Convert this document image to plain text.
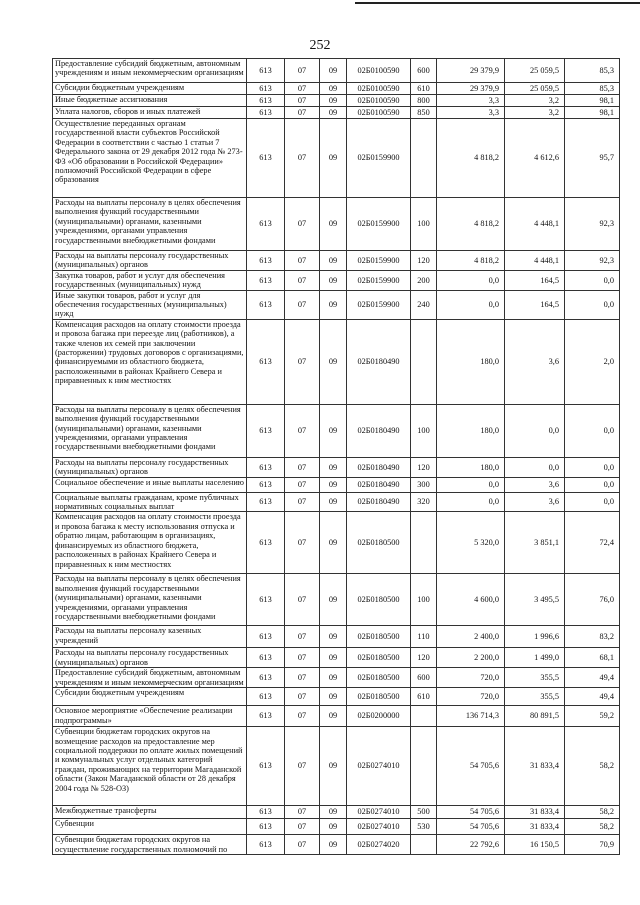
252
Предоставление субсидий бюджетным, автономным учреждениям и иным некоммерческим организациям	613	07	09	02Б0100590	600	29 379,9	25 059,5	85,3
Субсидии бюджетным учреждениям	613	07	09	02Б0100590	610	29 379,9	25 059,5	85,3
Иные бюджетные ассигнования	613	07	09	02Б0100590	800	3,3	3,2	98,1
Уплата налогов, сборов и иных платежей	613	07	09	02Б0100590	850	3,3	3,2	98,1
Осуществление переданных органам государственной власти субъектов Российской Федерации в соответствии с частью 1 статьи 7 Федерального закона от 29 декабря 2012 года № 273-ФЗ «Об образовании в Российской Федерации» полномочий Российской Федерации в сфере образования	613	07	09	02Б0159900		4 818,2	4 612,6	95,7
Расходы на выплаты персоналу в целях обеспечения выполнения функций государственными (муниципальными) органами, казенными учреждениями, органами управления государственными внебюджетными фондами	613	07	09	02Б0159900	100	4 818,2	4 448,1	92,3
Расходы на выплаты персоналу государственных (муниципальных) органов	613	07	09	02Б0159900	120	4 818,2	4 448,1	92,3
Закупка товаров, работ и услуг для обеспечения государственных (муниципальных) нужд	613	07	09	02Б0159900	200	0,0	164,5	0,0
Иные закупки товаров, работ и услуг для обеспечения государственных (муниципальных) нужд	613	07	09	02Б0159900	240	0,0	164,5	0,0
Компенсация расходов на оплату стоимости проезда и провоза багажа при переезде лиц (работников), а также членов их семей при заключении (расторжении) трудовых договоров с организациями, финансируемыми из областного бюджета, расположенными в районах Крайнего Севера и приравненных к ним местностях	613	07	09	02Б0180490		180,0	3,6	2,0
Расходы на выплаты персоналу в целях обеспечения выполнения функций государственными (муниципальными) органами, казенными учреждениями, органами управления государственными внебюджетными фондами	613	07	09	02Б0180490	100	180,0	0,0	0,0
Расходы на выплаты персоналу государственных (муниципальных) органов	613	07	09	02Б0180490	120	180,0	0,0	0,0
Социальное обеспечение и иные выплаты населению	613	07	09	02Б0180490	300	0,0	3,6	0,0
Социальные выплаты гражданам, кроме публичных нормативных социальных выплат	613	07	09	02Б0180490	320	0,0	3,6	0,0
Компенсация расходов на оплату стоимости проезда и провоза багажа к месту использования отпуска и обратно лицам, работающим в организациях, финансируемых из областного бюджета, расположенных в районах Крайнего Севера и приравненных к ним местностях	613	07	09	02Б0180500		5 320,0	3 851,1	72,4
Расходы на выплаты персоналу в целях обеспечения выполнения функций государственными (муниципальными) органами, казенными учреждениями, органами управления государственными внебюджетными фондами	613	07	09	02Б0180500	100	4 600,0	3 495,5	76,0
Расходы на выплаты персоналу казенных учреждений	613	07	09	02Б0180500	110	2 400,0	1 996,6	83,2
Расходы на выплаты персоналу государственных (муниципальных) органов	613	07	09	02Б0180500	120	2 200,0	1 499,0	68,1
Предоставление субсидий бюджетным, автономным учреждениям и иным некоммерческим организациям	613	07	09	02Б0180500	600	720,0	355,5	49,4
Субсидии бюджетным учреждениям	613	07	09	02Б0180500	610	720,0	355,5	49,4
Основное мероприятие «Обеспечение реализации подпрограммы»	613	07	09	02Б0200000		136 714,3	80 891,5	59,2
Субвенции бюджетам городских округов на возмещение расходов на предоставление мер социальной поддержки по оплате жилых помещений и коммунальных услуг отдельных категорий граждан, проживающих на территории Магаданской области (Закон Магаданской области от 28 декабря 2004 года № 528-ОЗ)	613	07	09	02Б0274010		54 705,6	31 833,4	58,2
Межбюджетные трансферты	613	07	09	02Б0274010	500	54 705,6	31 833,4	58,2
Субвенции	613	07	09	02Б0274010	530	54 705,6	31 833,4	58,2
Субвенции бюджетам городских округов на осуществление государственных полномочий по	613	07	09	02Б0274020		22 792,6	16 150,5	70,9
